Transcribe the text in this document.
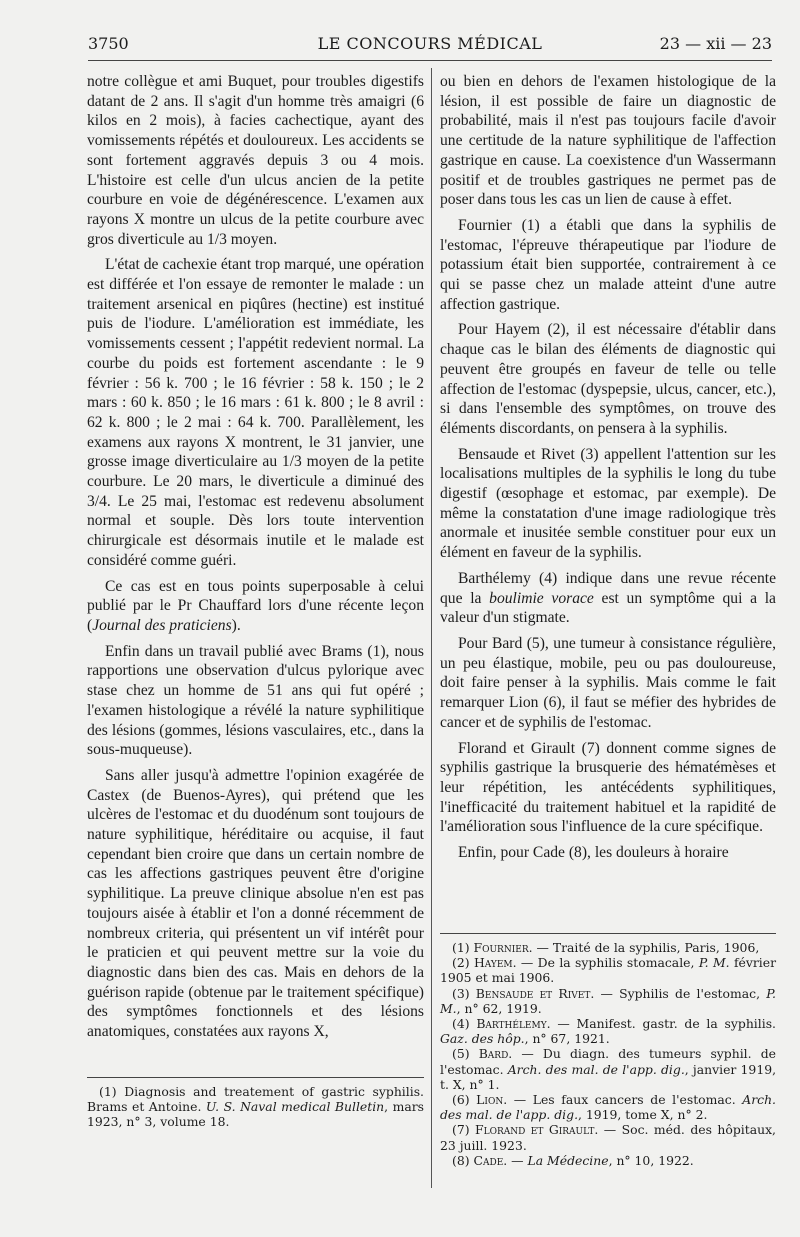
3750	LE CONCOURS MÉDICAL	23 — xii — 23

notre collègue et ami Buquet, pour troubles digestifs datant de 2 ans. Il s'agit d'un homme très amaigri (6 kilos en 2 mois), à facies cachectique, ayant des vomissements répétés et douloureux. Les accidents se sont fortement aggravés depuis 3 ou 4 mois. L'histoire est celle d'un ulcus ancien de la petite courbure en voie de dégénérescence. L'examen aux rayons X montre un ulcus de la petite courbure avec gros diverticule au 1/3 moyen.

L'état de cachexie étant trop marqué, une opération est différée et l'on essaye de remonter le malade : un traitement arsenical en piqûres (hectine) est institué puis de l'iodure. L'amélioration est immédiate, les vomissements cessent ; l'appétit redevient normal. La courbe du poids est fortement ascendante : le 9 février : 56 k. 700 ; le 16 février : 58 k. 150 ; le 2 mars : 60 k. 850 ; le 16 mars : 61 k. 800 ; le 8 avril : 62 k. 800 ; le 2 mai : 64 k. 700. Parallèlement, les examens aux rayons X montrent, le 31 janvier, une grosse image diverticulaire au 1/3 moyen de la petite courbure. Le 20 mars, le diverticule a diminué des 3/4. Le 25 mai, l'estomac est redevenu absolument normal et souple. Dès lors toute intervention chirurgicale est désormais inutile et le malade est considéré comme guéri.

Ce cas est en tous points superposable à celui publié par le Pr Chauffard lors d'une récente leçon (Journal des praticiens).

Enfin dans un travail publié avec Brams (1), nous rapportions une observation d'ulcus pylorique avec stase chez un homme de 51 ans qui fut opéré ; l'examen histologique a révélé la nature syphilitique des lésions (gommes, lésions vasculaires, etc., dans la sous-muqueuse).

Sans aller jusqu'à admettre l'opinion exagérée de Castex (de Buenos-Ayres), qui prétend que les ulcères de l'estomac et du duodénum sont toujours de nature syphilitique, héréditaire ou acquise, il faut cependant bien croire que dans un certain nombre de cas les affections gastriques peuvent être d'origine syphilitique. La preuve clinique absolue n'en est pas toujours aisée à établir et l'on a donné récemment de nombreux criteria, qui présentent un vif intérêt pour le praticien et qui peuvent mettre sur la voie du diagnostic dans bien des cas. Mais en dehors de la guérison rapide (obtenue par le traitement spécifique) des symptômes fonctionnels et des lésions anatomiques, constatées aux rayons X,

(1) Diagnosis and treatement of gastric syphilis. Brams et Antoine. U. S. Naval medical Bulletin, mars 1923, n° 3, volume 18.

ou bien en dehors de l'examen histologique de la lésion, il est possible de faire un diagnostic de probabilité, mais il n'est pas toujours facile d'avoir une certitude de la nature syphilitique de l'affection gastrique en cause. La coexistence d'un Wassermann positif et de troubles gastriques ne permet pas de poser dans tous les cas un lien de cause à effet.

Fournier (1) a établi que dans la syphilis de l'estomac, l'épreuve thérapeutique par l'iodure de potassium était bien supportée, contrairement à ce qui se passe chez un malade atteint d'une autre affection gastrique.

Pour Hayem (2), il est nécessaire d'établir dans chaque cas le bilan des éléments de diagnostic qui peuvent être groupés en faveur de telle ou telle affection de l'estomac (dyspepsie, ulcus, cancer, etc.), si dans l'ensemble des symptômes, on trouve des éléments discordants, on pensera à la syphilis.

Bensaude et Rivet (3) appellent l'attention sur les localisations multiples de la syphilis le long du tube digestif (œsophage et estomac, par exemple). De même la constatation d'une image radiologique très anormale et inusitée semble constituer pour eux un élément en faveur de la syphilis.

Barthélemy (4) indique dans une revue récente que la boulimie vorace est un symptôme qui a la valeur d'un stigmate.

Pour Bard (5), une tumeur à consistance régulière, un peu élastique, mobile, peu ou pas douloureuse, doit faire penser à la syphilis. Mais comme le fait remarquer Lion (6), il faut se méfier des hybrides de cancer et de syphilis de l'estomac.

Florand et Girault (7) donnent comme signes de syphilis gastrique la brusquerie des hématémèses et leur répétition, les antécédents syphilitiques, l'inefficacité du traitement habituel et la rapidité de l'amélioration sous l'influence de la cure spécifique.

Enfin, pour Cade (8), les douleurs à horaire

(1) Fournier. — Traité de la syphilis, Paris, 1906,

(2) Hayem. — De la syphilis stomacale, P. M. février 1905 et mai 1906.

(3) Bensaude et Rivet. — Syphilis de l'estomac, P. M., n° 62, 1919.

(4) Barthélemy. — Manifest. gastr. de la syphilis. Gaz. des hôp., n° 67, 1921.

(5) Bard. — Du diagn. des tumeurs syphil. de l'estomac. Arch. des mal. de l'app. dig., janvier 1919, t. X, n° 1.

(6) Lion. — Les faux cancers de l'estomac. Arch. des mal. de l'app. dig., 1919, tome X, n° 2.

(7) Florand et Girault. — Soc. méd. des hôpitaux, 23 juill. 1923.

(8) Cade. — La Médecine, n° 10, 1922.
